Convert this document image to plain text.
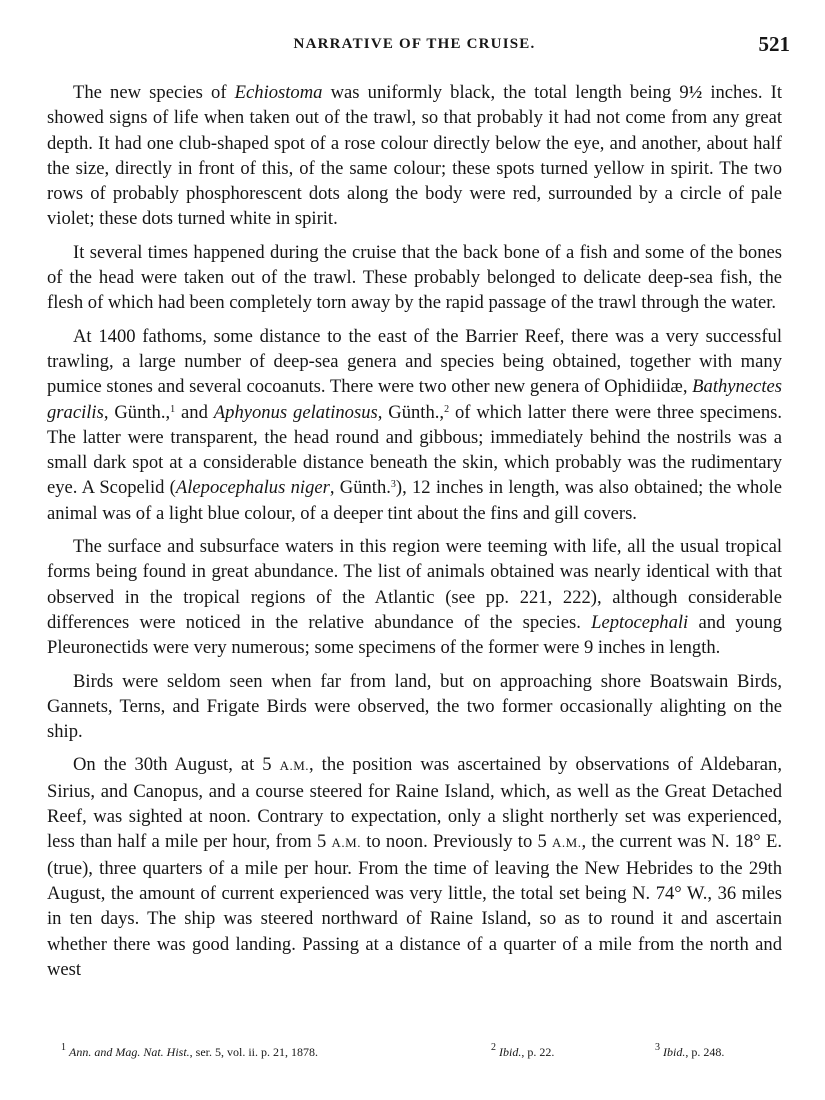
NARRATIVE OF THE CRUISE.	521

The new species of Echiostoma was uniformly black, the total length being 9½ inches. It showed signs of life when taken out of the trawl, so that probably it had not come from any great depth. It had one club-shaped spot of a rose colour directly below the eye, and another, about half the size, directly in front of this, of the same colour; these spots turned yellow in spirit. The two rows of probably phosphorescent dots along the body were red, surrounded by a circle of pale violet; these dots turned white in spirit.

It several times happened during the cruise that the back bone of a fish and some of the bones of the head were taken out of the trawl. These probably belonged to delicate deep-sea fish, the flesh of which had been completely torn away by the rapid passage of the trawl through the water.

At 1400 fathoms, some distance to the east of the Barrier Reef, there was a very successful trawling, a large number of deep-sea genera and species being obtained, together with many pumice stones and several cocoanuts. There were two other new genera of Ophidiidæ, Bathynectes gracilis, Günth.,$^1$ and Aphyonus gelatinosus, Günth.,$^2$ of which latter there were three specimens. The latter were transparent, the head round and gibbous; immediately behind the nostrils was a small dark spot at a considerable distance beneath the skin, which probably was the rudimentary eye. A Scopelid (Alepocephalus niger, Günth.$^3$), 12 inches in length, was also obtained; the whole animal was of a light blue colour, of a deeper tint about the fins and gill covers.

The surface and subsurface waters in this region were teeming with life, all the usual tropical forms being found in great abundance. The list of animals obtained was nearly identical with that observed in the tropical regions of the Atlantic (see pp. 221, 222), although considerable differences were noticed in the relative abundance of the species. Leptocephali and young Pleuronectids were very numerous; some specimens of the former were 9 inches in length.

Birds were seldom seen when far from land, but on approaching shore Boatswain Birds, Gannets, Terns, and Frigate Birds were observed, the two former occasionally alighting on the ship.

On the 30th August, at 5 A.M., the position was ascertained by observations of Aldebaran, Sirius, and Canopus, and a course steered for Raine Island, which, as well as the Great Detached Reef, was sighted at noon. Contrary to expectation, only a slight northerly set was experienced, less than half a mile per hour, from 5 A.M. to noon. Previously to 5 A.M., the current was N. 18° E. (true), three quarters of a mile per hour. From the time of leaving the New Hebrides to the 29th August, the amount of current experienced was very little, the total set being N. 74° W., 36 miles in ten days. The ship was steered northward of Raine Island, so as to round it and ascertain whether there was good landing. Passing at a distance of a quarter of a mile from the north and west

$^1$ Ann. and Mag. Nat. Hist., ser. 5, vol. ii. p. 21, 1878.	$^2$ Ibid., p. 22.	$^3$ Ibid., p. 248.
